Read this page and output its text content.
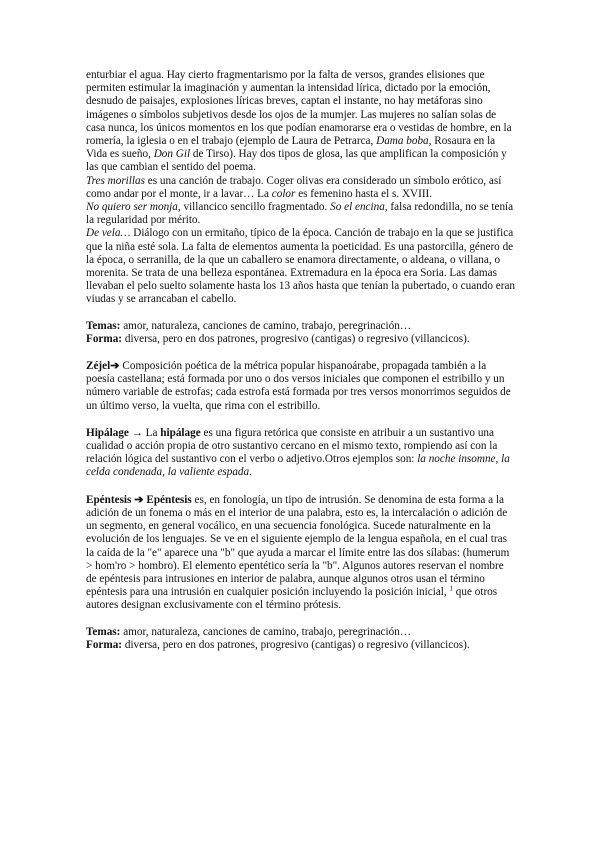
enturbiar el agua. Hay cierto fragmentarismo por la falta de versos, grandes elisiones que permiten estimular la imaginación y aumentan la intensidad lírica, dictado por la emoción, desnudo de paisajes, explosiones líricas breves, captan el instante, no hay metáforas sino imágenes o símbolos subjetivos desde los ojos de la mumjer. Las mujeres no salían solas de casa nunca, los únicos momentos en los que podían enamorarse era o vestidas de hombre, en la romería, la iglesia o en el trabajo (ejemplo de Laura de Petrarca, Dama boba, Rosaura en la Vida es sueño, Don Gil de Tirso). Hay dos tipos de glosa, las que amplifican la composición y las que cambian el sentido del poema.

Tres morillas es una canción de trabajo. Coger olivas era considerado un símbolo erótico, así como andar por el monte, ir a lavar… La color es femenino hasta el s. XVIII.

No quiero ser monja, villancico sencillo fragmentado. So el encina, falsa redondilla, no se tenía la regularidad por mérito.

De vela… Diálogo con un ermitaño, típico de la época. Canción de trabajo en la que se justifica que la niña esté sola. La falta de elementos aumenta la poeticidad. Es una pastorcilla, género de la época, o serranilla, de la que un caballero se enamora directamente, o aldeana, o villana, o morenita. Se trata de una belleza espontánea. Extremadura en la época era Soria. Las damas llevaban el pelo suelto solamente hasta los 13 años hasta que tenían la pubertado, o cuando eran viudas y se arrancaban el cabello.

Temas: amor, naturaleza, canciones de camino, trabajo, peregrinación…

Forma: diversa, pero en dos patrones, progresivo (cantigas) o regresivo (villancicos).

Zéjel➔ Composición poética de la métrica popular hispanoárabe, propagada también a la poesía castellana; está formada por uno o dos versos iniciales que componen el estribillo y un número variable de estrofas; cada estrofa está formada por tres versos monorrimos seguidos de un último verso, la vuelta, que rima con el estribillo.

Hipálage → La hipálage es una figura retórica que consiste en atribuir a un sustantivo una cualidad o acción propia de otro sustantivo cercano en el mismo texto, rompiendo así con la relación lógica del sustantivo con el verbo o adjetivo.Otros ejemplos son: la noche insomne, la celda condenada, la valiente espada.

Epéntesis ➔ Epéntesis es, en fonología, un tipo de intrusión. Se denomina de esta forma a la adición de un fonema o más en el interior de una palabra, esto es, la intercalación o adición de un segmento, en general vocálico, en una secuencia fonológica. Sucede naturalmente en la evolución de los lenguajes. Se ve en el siguiente ejemplo de la lengua española, en el cual tras la caída de la "e" aparece una "b" que ayuda a marcar el límite entre las dos sílabas: (humerum > hom'ro > hombro). El elemento epentético sería la "b". Algunos autores reservan el nombre de epéntesis para intrusiones en interior de palabra, aunque algunos otros usan el término epéntesis para una intrusión en cualquier posición incluyendo la posición inicial, $^1$ que otros autores designan exclusivamente con el término prótesis.

Temas: amor, naturaleza, canciones de camino, trabajo, peregrinación…

Forma: diversa, pero en dos patrones, progresivo (cantigas) o regresivo (villancicos).
